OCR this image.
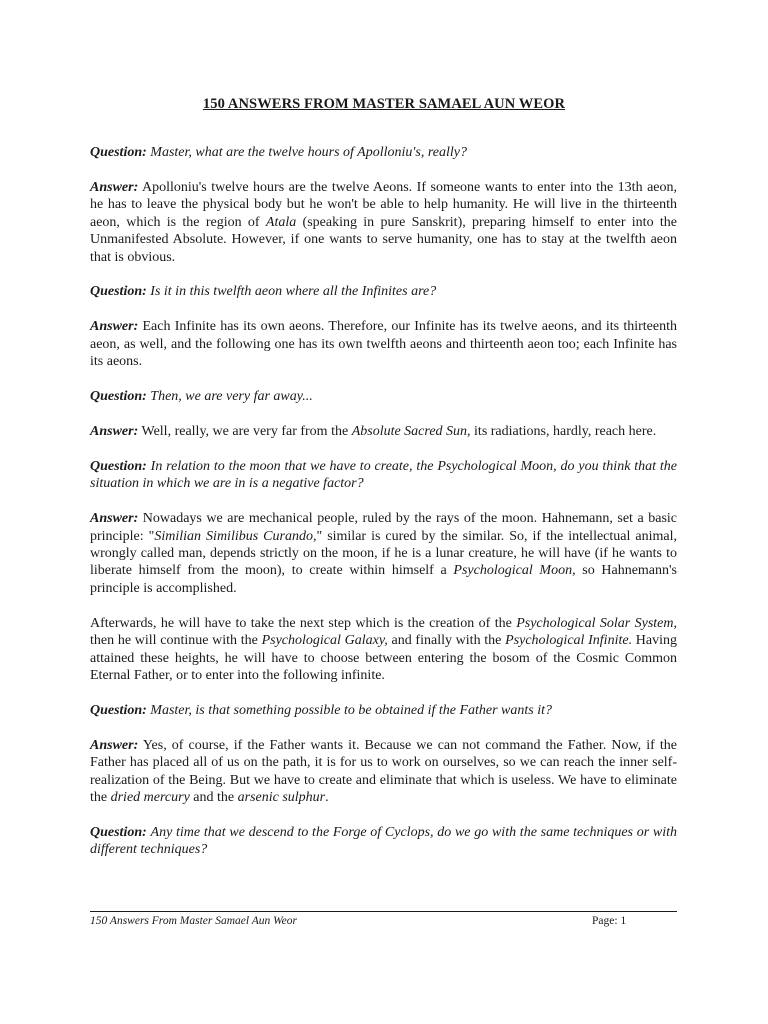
150 ANSWERS FROM MASTER SAMAEL AUN WEOR

Question: Master, what are the twelve hours of Apolloniu's, really?

Answer: Apolloniu's twelve hours are the twelve Aeons. If someone wants to enter into the 13th aeon, he has to leave the physical body but he won't be able to help humanity. He will live in the thirteenth aeon, which is the region of Atala (speaking in pure Sanskrit), preparing himself to enter into the Unmanifested Absolute. However, if one wants to serve humanity, one has to stay at the twelfth aeon that is obvious.

Question: Is it in this twelfth aeon where all the Infinites are?

Answer: Each Infinite has its own aeons. Therefore, our Infinite has its twelve aeons, and its thirteenth aeon, as well, and the following one has its own twelfth aeons and thirteenth aeon too; each Infinite has its aeons.

Question: Then, we are very far away...

Answer: Well, really, we are very far from the Absolute Sacred Sun, its radiations, hardly, reach here.

Question: In relation to the moon that we have to create, the Psychological Moon, do you think that the situation in which we are in is a negative factor?

Answer: Nowadays we are mechanical people, ruled by the rays of the moon. Hahnemann, set a basic principle: "Similian Similibus Curando," similar is cured by the similar. So, if the intellectual animal, wrongly called man, depends strictly on the moon, if he is a lunar creature, he will have (if he wants to liberate himself from the moon), to create within himself a Psychological Moon, so Hahnemann's principle is accomplished.

Afterwards, he will have to take the next step which is the creation of the Psychological Solar System, then he will continue with the Psychological Galaxy, and finally with the Psychological Infinite. Having attained these heights, he will have to choose between entering the bosom of the Cosmic Common Eternal Father, or to enter into the following infinite.

Question: Master, is that something possible to be obtained if the Father wants it?

Answer: Yes, of course, if the Father wants it. Because we can not command the Father. Now, if the Father has placed all of us on the path, it is for us to work on ourselves, so we can reach the inner self-realization of the Being. But we have to create and eliminate that which is useless. We have to eliminate the dried mercury and the arsenic sulphur.

Question: Any time that we descend to the Forge of Cyclops, do we go with the same techniques or with different techniques?

150 Answers From Master Samael Aun Weor	Page: 1
